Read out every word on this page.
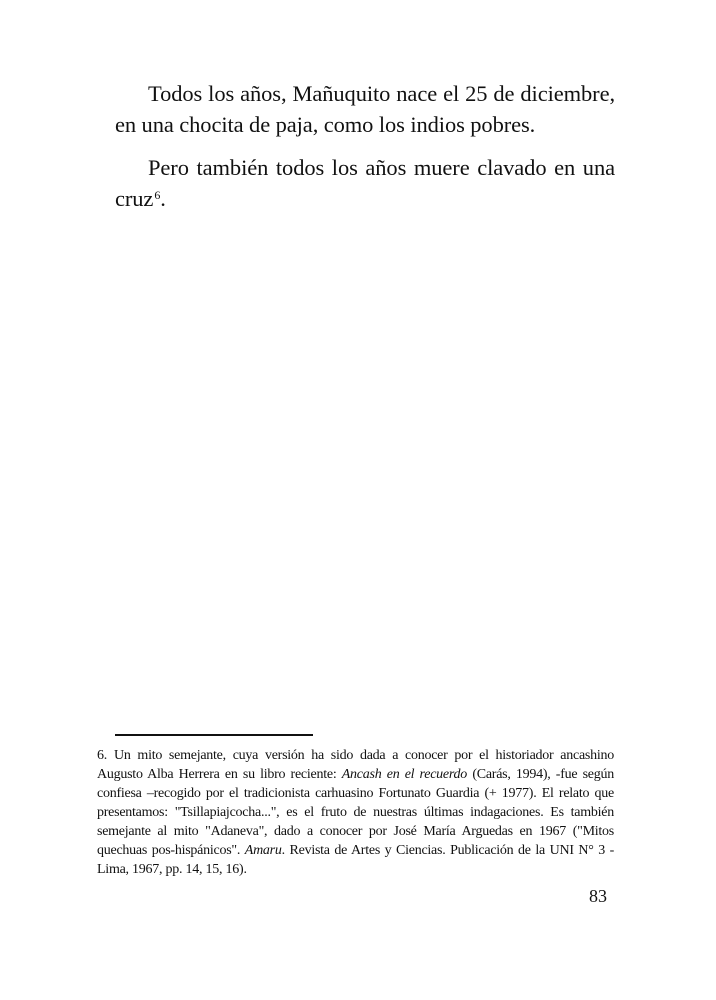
Todos los años, Mañuquito nace el 25 de diciembre, en una chocita de paja, como los indios pobres.

Pero también todos los años muere clavado en una cruz$^6$.

6. Un mito semejante, cuya versión ha sido dada a conocer por el historiador ancashino Augusto Alba Herrera en su libro reciente: Ancash en el recuerdo (Carás, 1994), -fue según confiesa –recogido por el tradicionista carhuasino Fortunato Guardia (+ 1977). El relato que presentamos: "Tsillapiajcocha...", es el fruto de nuestras últimas indagaciones. Es también semejante al mito "Adaneva", dado a conocer por José María Arguedas en 1967 ("Mitos quechuas pos-hispánicos". Amaru. Revista de Artes y Ciencias. Publicación de la UNI N° 3 - Lima, 1967, pp. 14, 15, 16).
83
